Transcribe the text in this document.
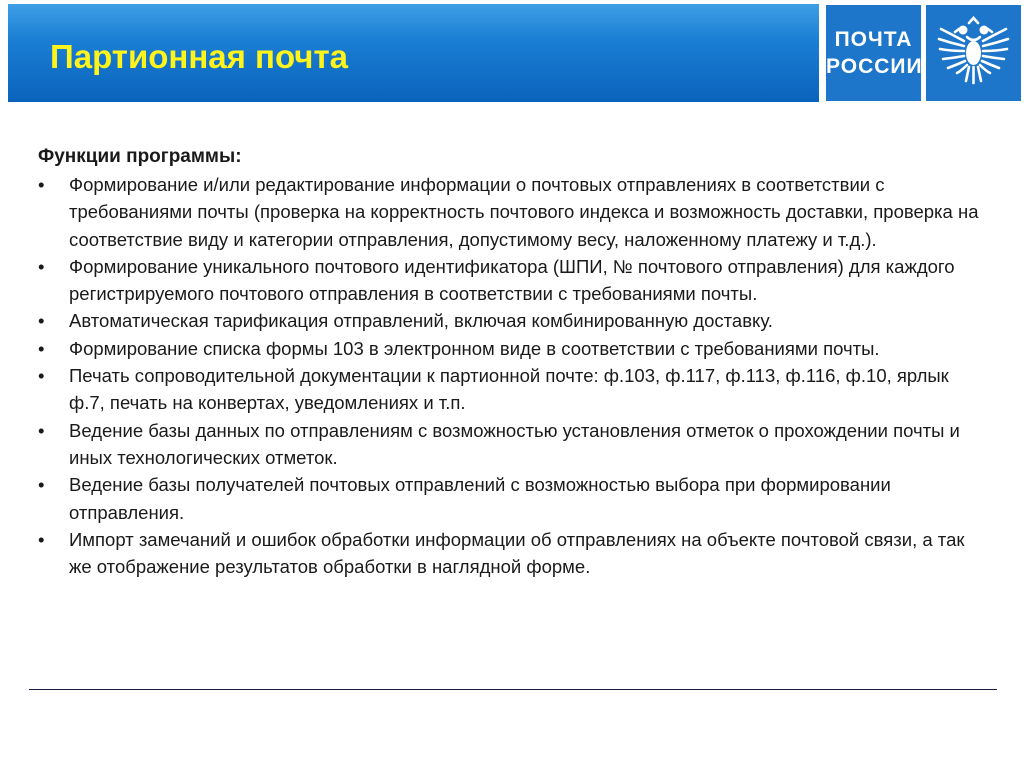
Партионная почта	ПОЧТА
РОССИИ
Функции программы:
•	Формирование и/или редактирование информации о почтовых отправлениях в соответствии с требованиями почты (проверка на корректность почтового индекса и возможность доставки, проверка на соответствие виду и категории отправления, допустимому весу, наложенному платежу и т.д.).
•	Формирование уникального почтового идентификатора (ШПИ, № почтового отправления) для каждого регистрируемого почтового отправления в соответствии с требованиями почты.
•	Автоматическая тарификация отправлений, включая комбинированную доставку.
•	Формирование списка формы 103 в электронном виде в соответствии с требованиями почты.
•	Печать сопроводительной документации к партионной почте: ф.103, ф.117, ф.113, ф.116, ф.10, ярлык ф.7, печать на конвертах, уведомлениях и т.п.
•	Ведение базы данных по отправлениям с возможностью установления отметок о прохождении почты и иных технологических отметок.
•	Ведение базы получателей почтовых отправлений с возможностью выбора при формировании отправления.
•	Импорт замечаний и ошибок обработки информации об отправлениях на объекте почтовой связи, а так же отображение результатов обработки в наглядной форме.
